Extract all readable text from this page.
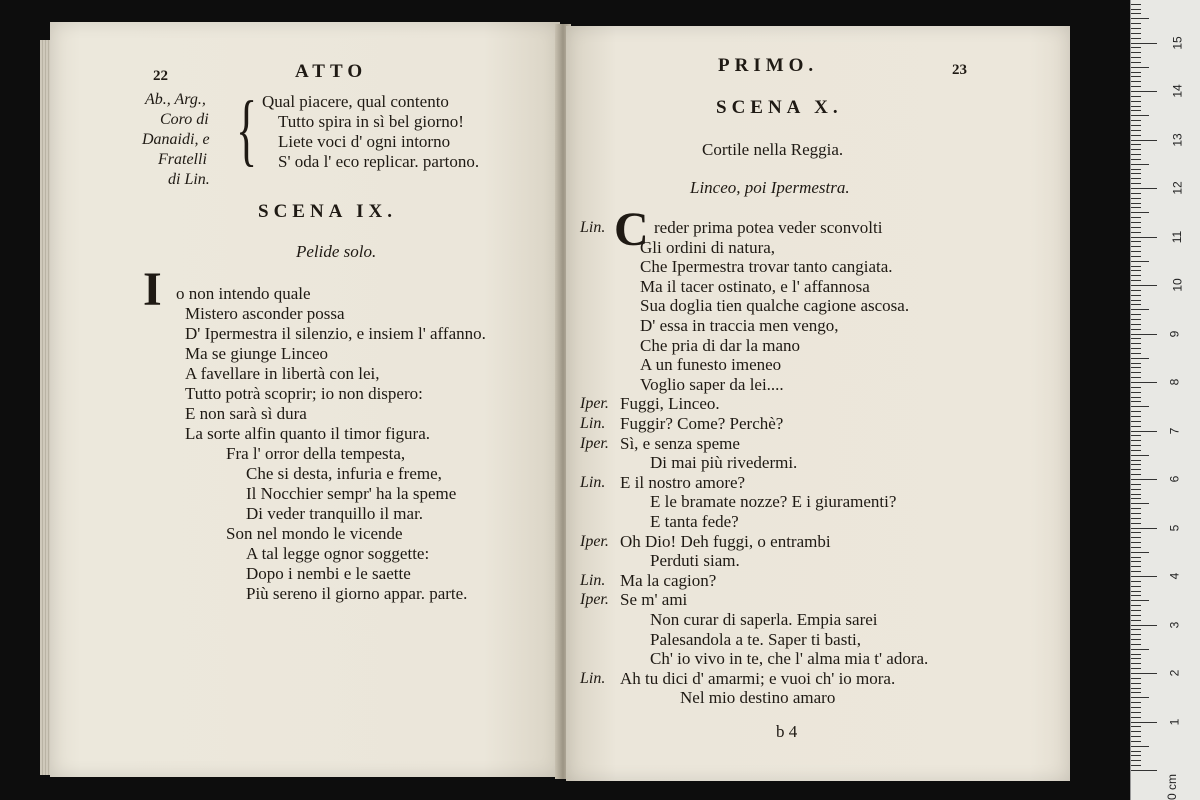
22	ATTO
Ab., Arg.,
Coro di
Danaidi, e
Fratelli
di Lin.
{ Qual piacere, qual contento
Tutto spira in sì bel giorno!
Liete voci d' ogni intorno
S' oda l' eco replicar. partono.
SCENA IX.
Pelide solo.
I o non intendo quale
Mistero asconder possa
D' Ipermestra il silenzio, e insiem l' affanno.
Ma se giunge Linceo
A favellare in libertà con lei,
Tutto potrà scoprir; io non dispero:
E non sarà sì dura
La sorte alfin quanto il timor figura.
Fra l' orror della tempesta,
Che si desta, infuria e freme,
Il Nocchier sempr' ha la speme
Di veder tranquillo il mar.
Son nel mondo le vicende
A tal legge ognor soggette:
Dopo i nembi e le saette
Più sereno il giorno appar. parte.
PRIMO.	23
SCENA X.
Cortile nella Reggia.
Linceo, poi Ipermestra.
C
Lin.	reder prima potea veder sconvolti
Gli ordini di natura,
Che Ipermestra trovar tanto cangiata.
Ma il tacer ostinato, e l' affannosa
Sua doglia tien qualche cagione ascosa.
D' essa in traccia men vengo,
Che pria di dar la mano
A un funesto imeneo
Voglio saper da lei....
Iper. Fuggi, Linceo.
Lin. Fuggir? Come? Perchè?
Iper. Sì, e senza speme
Di mai più rivedermi.
Lin. E il nostro amore?
E le bramate nozze? E i giuramenti?
E tanta fede?
Iper. Oh Dio! Deh fuggi, o entrambi
Perduti siam.
Lin. Ma la cagion?
Iper. Se m' ami
Non curar di saperla. Empia sarei
Palesandola a te. Saper ti basti,
Ch' io vivo in te, che l' alma mia t' adora.
Lin. Ah tu dici d' amarmi; e vuoi ch' io mora.
Nel mio destino amaro
b 4
1
2
3
4
5
6
7
8
9
10
11
12
13
14
15
0 cm
